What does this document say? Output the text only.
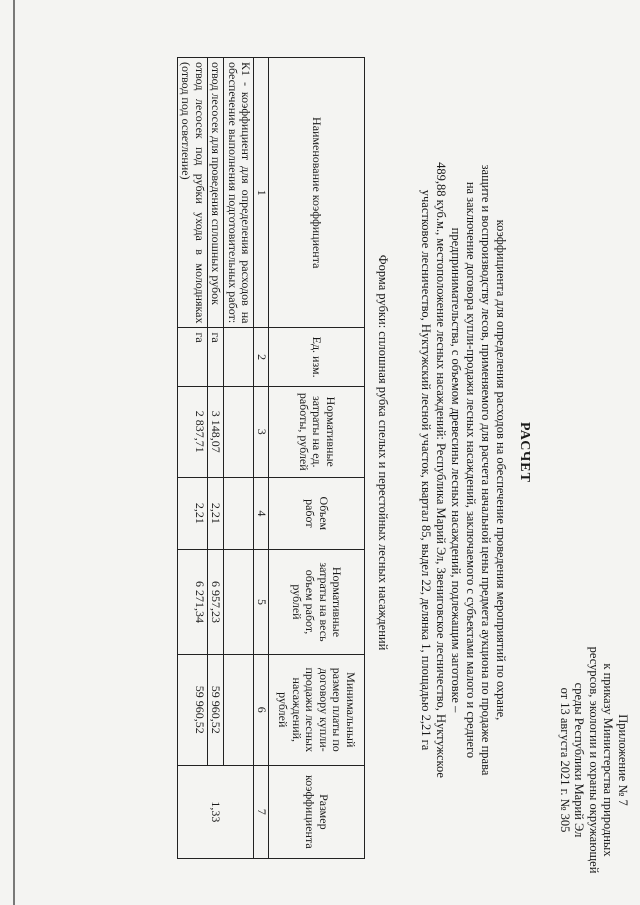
Приложение № 7
к приказу Министерства природных
ресурсов, экологии и охраны окружающей
среды Республики Марий Эл
от 13 августа 2021 г. № 305
РАСЧЕТ
коэффициента для определения расходов на обеспечение проведения мероприятий по охране,
защите и воспроизводству лесов, применяемого для расчета начальной цены предмета аукциона по продаже права
на заключение договора купли-продажи лесных насаждений, заключаемого с субъектами малого и среднего
предпринимательства, с объемом древесины лесных насаждений, подлежащим заготовке –
489,88 куб.м., местоположение лесных насаждений: Республика Марий Эл, Звениговское лесничество, Нуктужское
участковое лесничество, Нуктужский лесной участок, квартал 85, выдел 22, делянка 1, площадью 2,21 га
Форма рубки: сплошная рубка спелых и перестойных лесных насаждений
Наименование коэффициента	Ед. изм.	Нормативные затраты на ед. работы, рублей	Объем работ	Нормативные затраты на весь объем работ, рублей	Минимальный размер платы по договору купли-продажи лесных насаждений, рублей	Размер коэффициента
1	2	3	4	5	6	7
К1 - коэффициент для определения расходов на обеспечение выполнения подготовительных работ:						1,33
отвод лесосек для проведения сплошных рубок	га	3 148,07	2,21	6 957,23	59 960,52	
отвод лесосек под рубки ухода в молодняках (отвод под осветление)	га	2 837,71	2,21	6 271,34	59 960,52	
